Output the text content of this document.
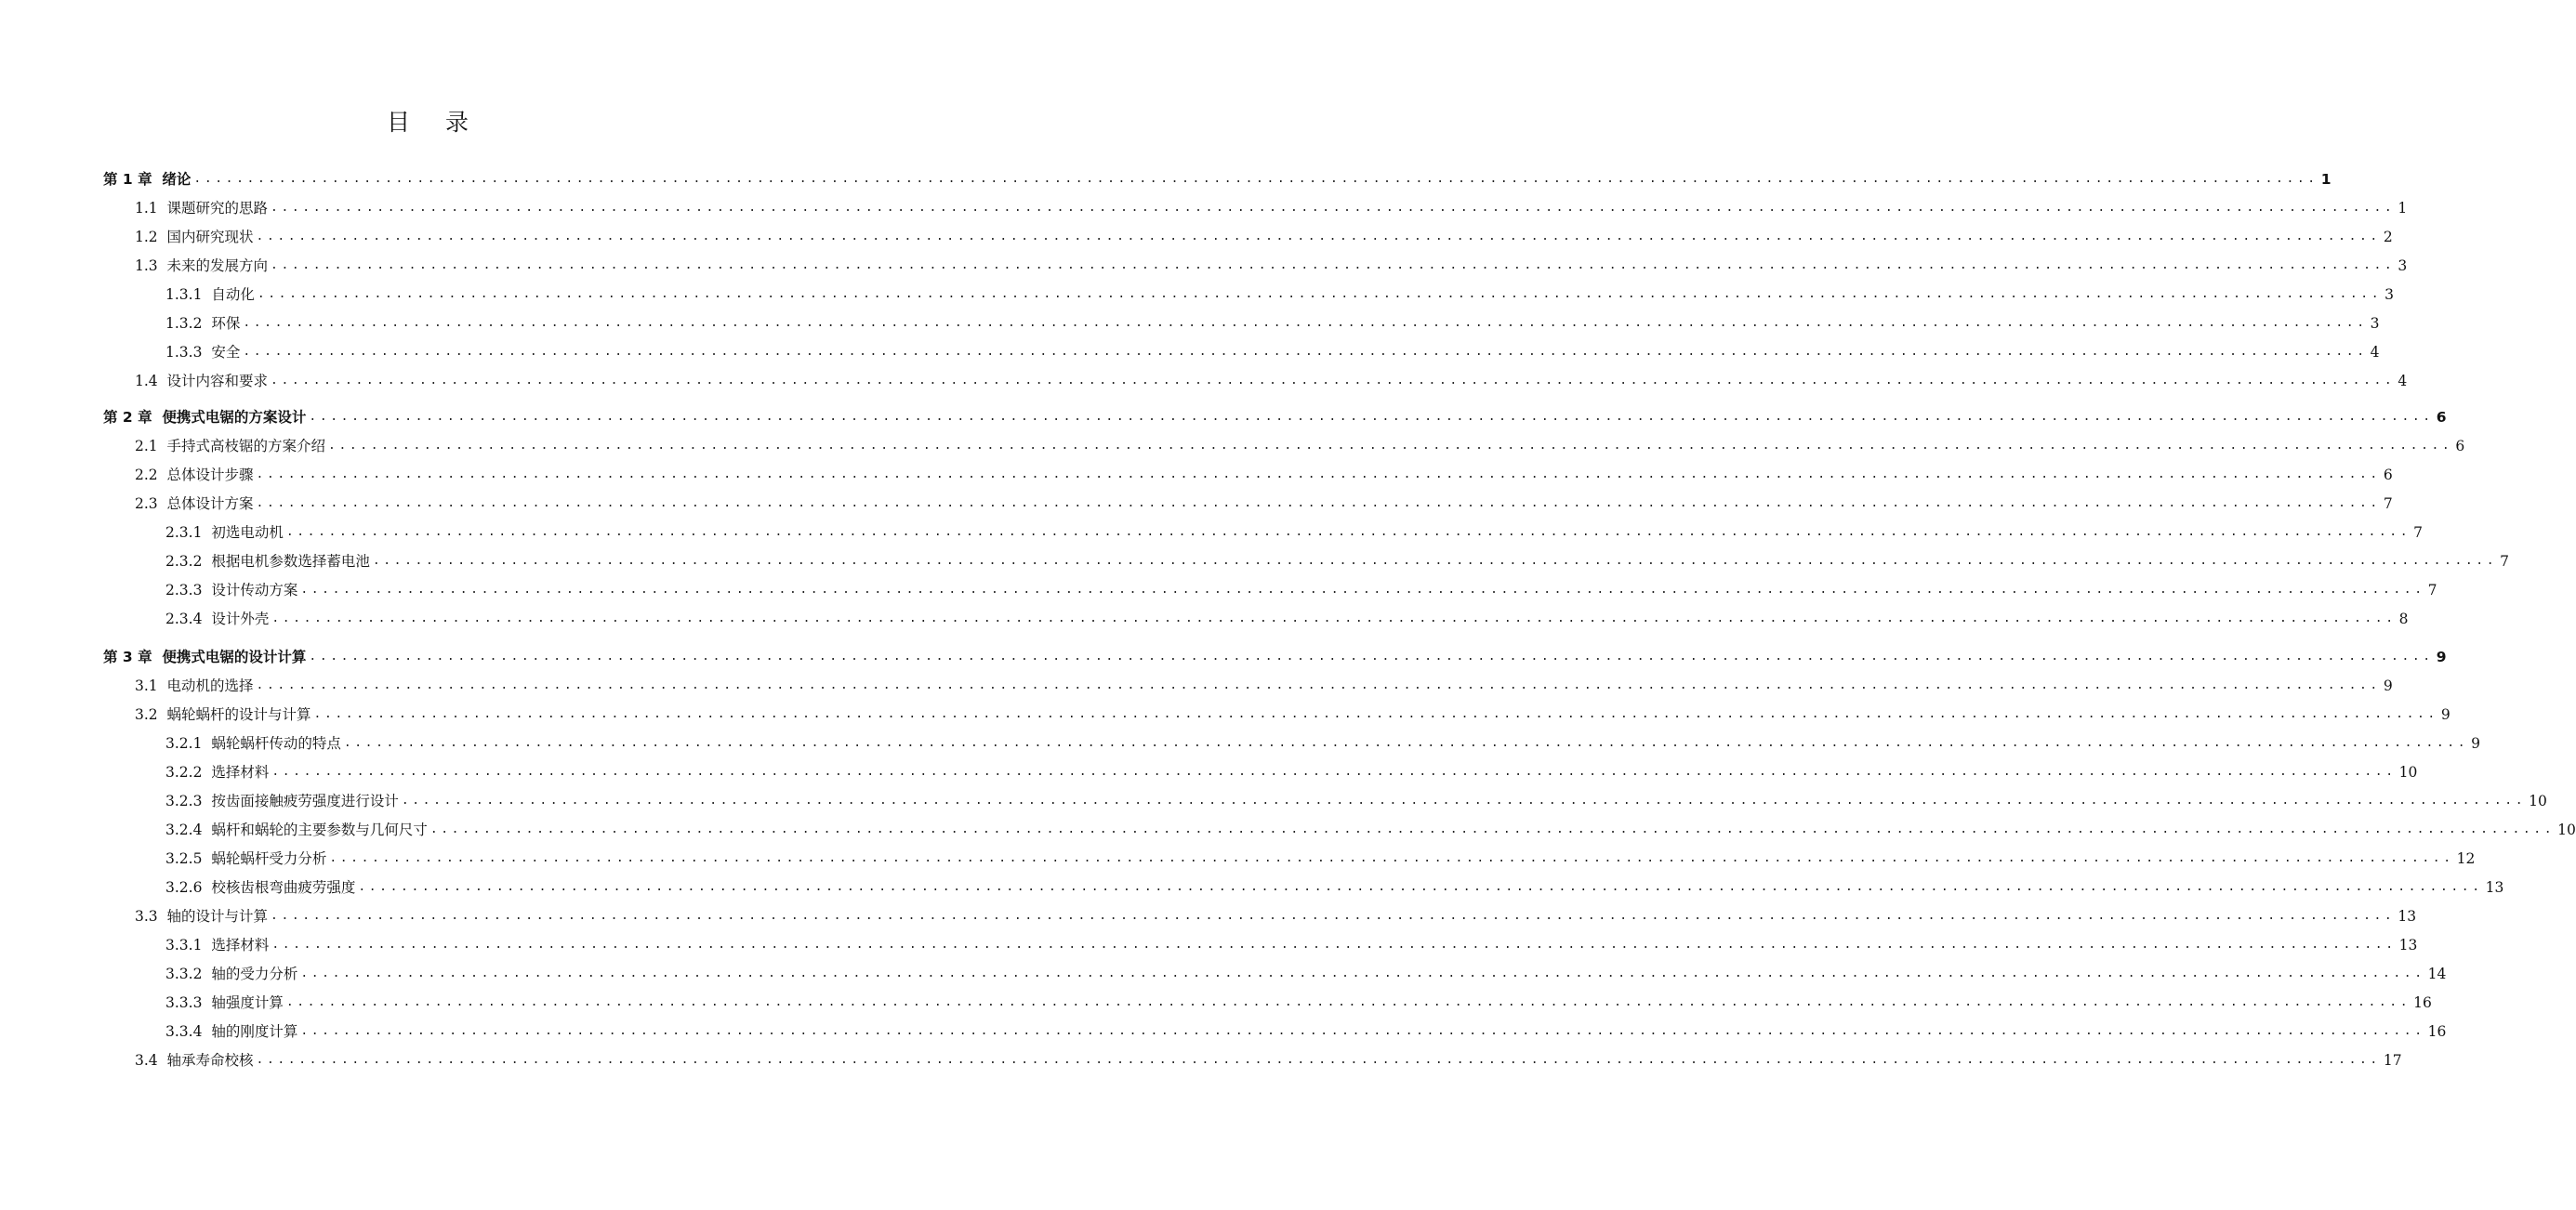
目录
第 1 章 绪论 ........................................................................................................................................................................................................ 1
1.1 课题研究的思路 ........................................................................................................................................................................................................ 1
1.2 国内研究现状 ........................................................................................................................................................................................................ 2
1.3 未来的发展方向 ........................................................................................................................................................................................................ 3
1.3.1 自动化 ........................................................................................................................................................................................................ 3
1.3.2 环保 ........................................................................................................................................................................................................ 3
1.3.3 安全 ........................................................................................................................................................................................................ 4
1.4 设计内容和要求 ........................................................................................................................................................................................................ 4
第 2 章 便携式电锯的方案设计 ........................................................................................................................................................................................................ 6
2.1 手持式高枝锯的方案介绍 ........................................................................................................................................................................................................ 6
2.2 总体设计步骤 ........................................................................................................................................................................................................ 6
2.3 总体设计方案 ........................................................................................................................................................................................................ 7
2.3.1 初选电动机 ........................................................................................................................................................................................................ 7
2.3.2 根据电机参数选择蓄电池 ........................................................................................................................................................................................................ 7
2.3.3 设计传动方案 ........................................................................................................................................................................................................ 7
2.3.4 设计外壳 ........................................................................................................................................................................................................ 8
第 3 章 便携式电锯的设计计算 ........................................................................................................................................................................................................ 9
3.1 电动机的选择 ........................................................................................................................................................................................................ 9
3.2 蜗轮蜗杆的设计与计算 ........................................................................................................................................................................................................ 9
3.2.1 蜗轮蜗杆传动的特点 ........................................................................................................................................................................................................ 9
3.2.2 选择材料 ........................................................................................................................................................................................................ 10
3.2.3 按齿面接触疲劳强度进行设计 ........................................................................................................................................................................................................ 10
3.2.4 蜗杆和蜗轮的主要参数与几何尺寸 ........................................................................................................................................................................................................ 10
3.2.5 蜗轮蜗杆受力分析 ........................................................................................................................................................................................................ 12
3.2.6 校核齿根弯曲疲劳强度 ........................................................................................................................................................................................................ 13
3.3 轴的设计与计算 ........................................................................................................................................................................................................ 13
3.3.1 选择材料 ........................................................................................................................................................................................................ 13
3.3.2 轴的受力分析 ........................................................................................................................................................................................................ 14
3.3.3 轴强度计算 ........................................................................................................................................................................................................ 16
3.3.4 轴的刚度计算 ........................................................................................................................................................................................................ 16
3.4 轴承寿命校核 ........................................................................................................................................................................................................ 17
